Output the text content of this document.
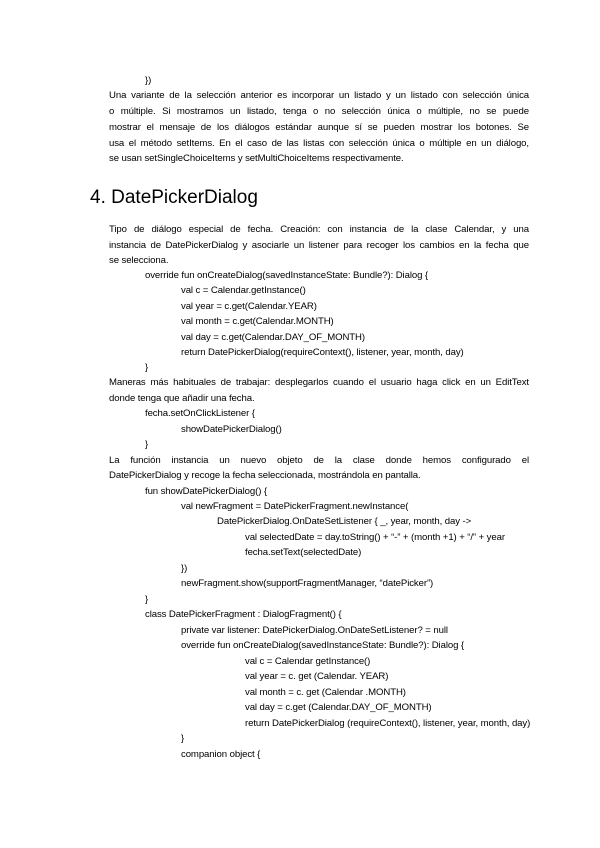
})
Una variante de la selección anterior es incorporar un listado y un listado con selección única
o múltiple. Si mostramos un listado, tenga o no selección única o múltiple, no se puede
mostrar el mensaje de los diálogos estándar aunque sí se pueden mostrar los botones. Se
usa el método setItems. En el caso de las listas con selección única o múltiple en un diálogo,
se usan setSingleChoiceItems y setMultiChoiceItems respectivamente.
4. DatePickerDialog
Tipo de diálogo especial de fecha. Creación: con instancia de la clase Calendar, y una
instancia de DatePickerDialog y asociarle un listener para recoger los cambios en la fecha que
se selecciona.
override fun onCreateDialog(savedInstanceState: Bundle?): Dialog {
val c = Calendar.getInstance()
val year = c.get(Calendar.YEAR)
val month = c.get(Calendar.MONTH)
val day = c.get(Calendar.DAY_OF_MONTH)
return DatePickerDialog(requireContext(), listener, year, month, day)
}
Maneras más habituales de trabajar: desplegarlos cuando el usuario haga click en un EditText
donde tenga que añadir una fecha.
fecha.setOnClickListener {
showDatePickerDialog()
}
La función instancia un nuevo objeto de la clase donde hemos configurado el
DatePickerDialog y recoge la fecha seleccionada, mostrándola en pantalla.
fun showDatePickerDialog() {
val newFragment = DatePickerFragment.newInstance(
DatePickerDialog.OnDateSetListener { _, year, month, day ->
val selectedDate = day.toString() + “-” + (month +1) + “/” + year
fecha.setText(selectedDate)
})
newFragment.show(supportFragmentManager, “datePicker”)
}
class DatePickerFragment : DialogFragment() {
private var listener: DatePickerDialog.OnDateSetListener? = null
override fun onCreateDialog(savedInstanceState: Bundle?): Dialog {
val c = Calendar getInstance()
val year = c. get (Calendar. YEAR)
val month = c. get (Calendar .MONTH)
val day = c.get (Calendar.DAY_OF_MONTH)
return DatePickerDialog (requireContext(), listener, year, month, day)
}
companion object {
